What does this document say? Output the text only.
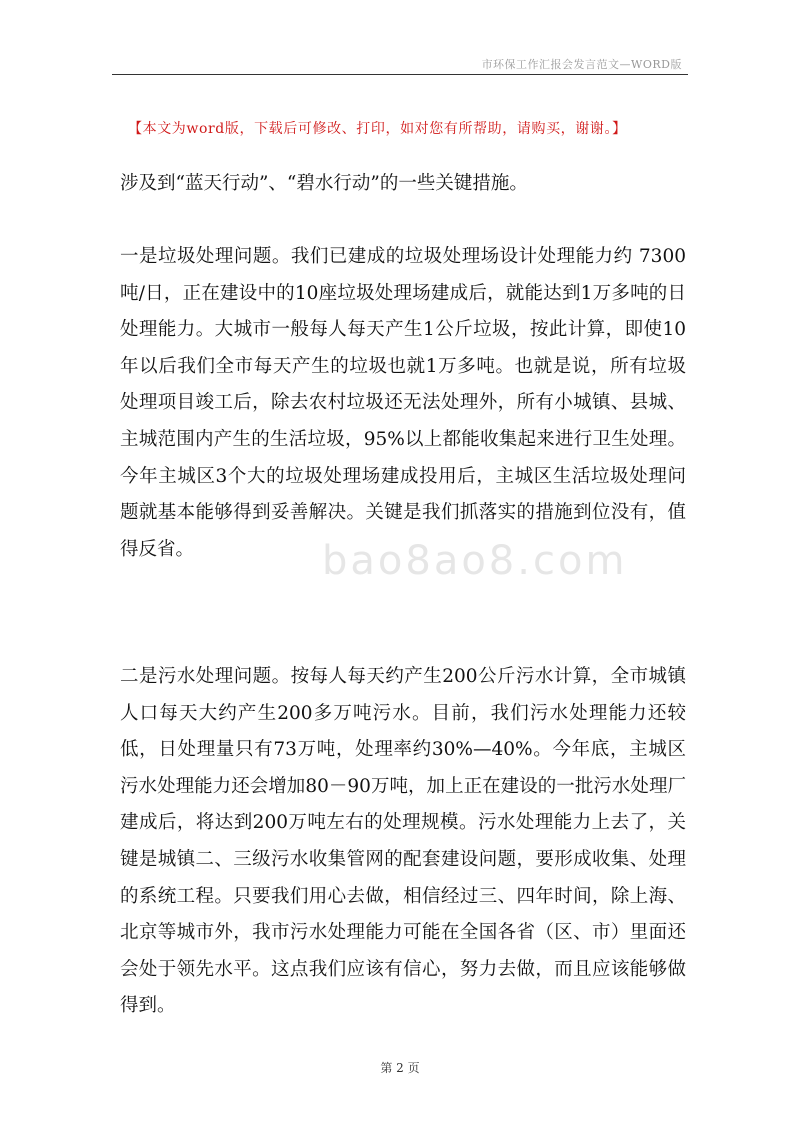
市环保工作汇报会发言范文—WORD版
【本文为word版，下载后可修改、打印，如对您有所帮助，请购买，谢谢。】
bao8ao8.com

涉及到“蓝天行动”、“碧水行动”的一些关键措施。

一是垃圾处理问题。我们已建成的垃圾处理场设计处理能力约 7300吨/日，正在建设中的10座垃圾处理场建成后，就能达到1万多吨的日处理能力。大城市一般每人每天产生1公斤垃圾，按此计算，即使10年以后我们全市每天产生的垃圾也就1万多吨。也就是说，所有垃圾处理项目竣工后，除去农村垃圾还无法处理外，所有小城镇、县城、主城范围内产生的生活垃圾，95%以上都能收集起来进行卫生处理。今年主城区3个大的垃圾处理场建成投用后，主城区生活垃圾处理问题就基本能够得到妥善解决。关键是我们抓落实的措施到位没有，值得反省。

二是污水处理问题。按每人每天约产生200公斤污水计算，全市城镇人口每天大约产生200多万吨污水。目前，我们污水处理能力还较低，日处理量只有73万吨，处理率约30%—40%。今年底，主城区污水处理能力还会增加80－90万吨，加上正在建设的一批污水处理厂建成后，将达到200万吨左右的处理规模。污水处理能力上去了，关键是城镇二、三级污水收集管网的配套建设问题，要形成收集、处理的系统工程。只要我们用心去做，相信经过三、四年时间，除上海、北京等城市外，我市污水处理能力可能在全国各省（区、市）里面还会处于领先水平。这点我们应该有信心，努力去做，而且应该能够做得到。

第 2 页
